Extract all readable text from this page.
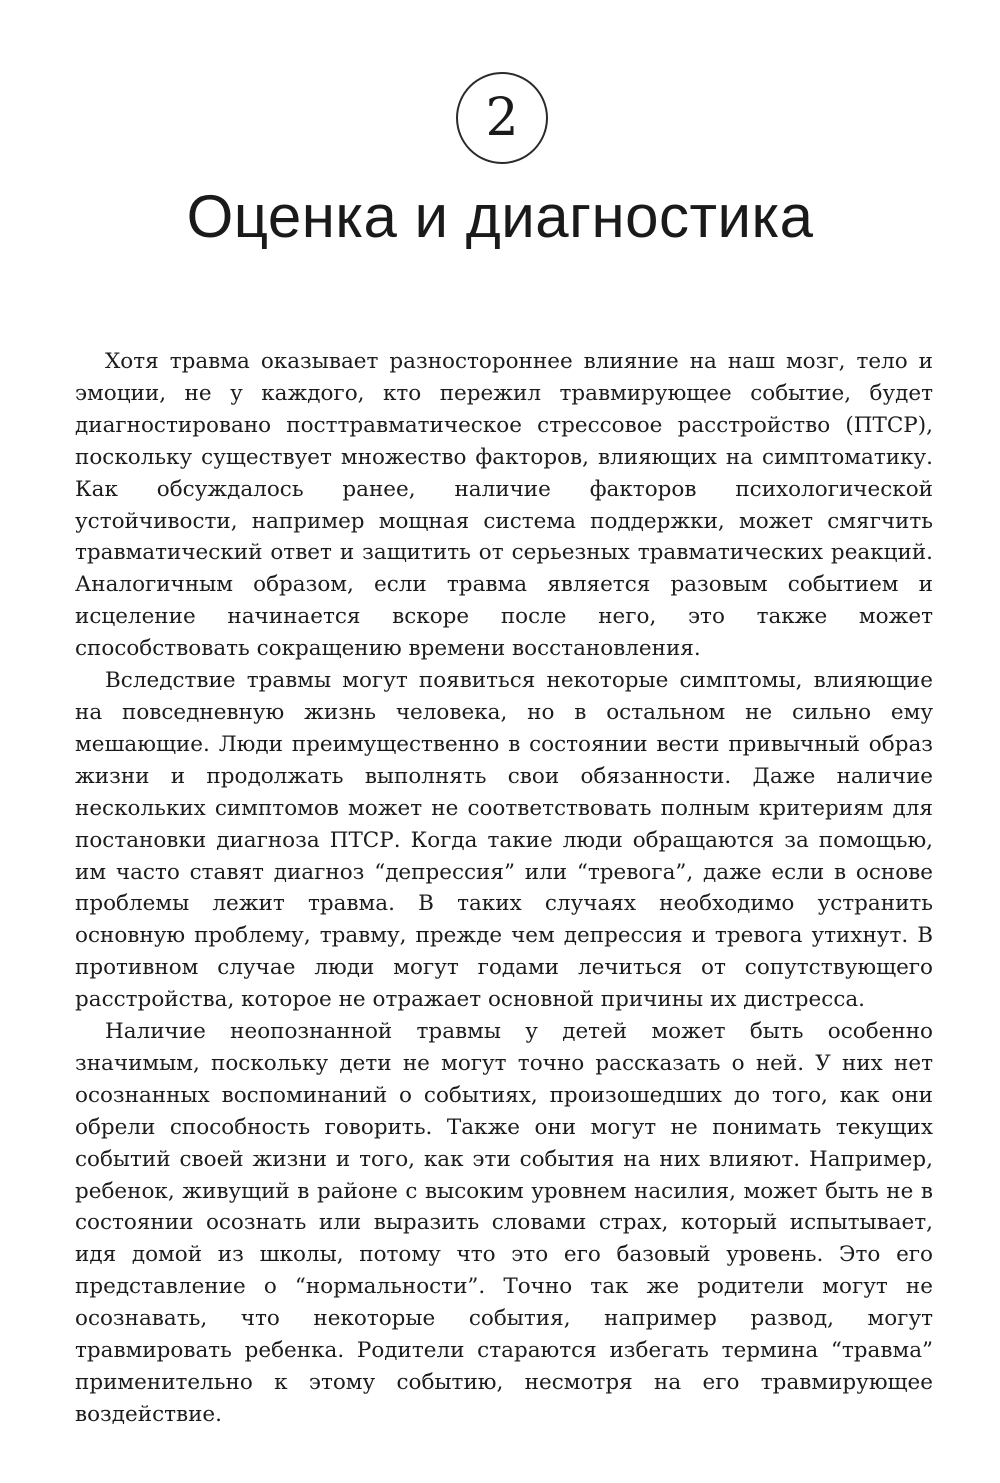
2
Оценка и диагностика

Хотя травма оказывает разностороннее влияние на наш мозг, тело и эмоции, не у каждого, кто пережил травмирующее событие, будет диагностировано посттравматическое стрессовое расстройство (ПТСР), поскольку существует множество факторов, влияющих на симптоматику. Как обсуждалось ранее, наличие факторов психологической устойчивости, например мощная система поддержки, может смягчить травматический ответ и защитить от серьезных травматических реакций. Аналогичным образом, если травма является разовым событием и исцеление начинается вскоре после него, это также может способствовать сокращению времени восстановления.

Вследствие травмы могут появиться некоторые симптомы, влияющие на повседневную жизнь человека, но в остальном не сильно ему мешающие. Люди преимущественно в состоянии вести привычный образ жизни и продолжать выполнять свои обязанности. Даже наличие нескольких симптомов может не соответствовать полным критериям для постановки диагноза ПТСР. Когда такие люди обращаются за помощью, им часто ставят диагноз “депрессия” или “тревога”, даже если в основе проблемы лежит травма. В таких случаях необходимо устранить основную проблему, травму, прежде чем депрессия и тревога утихнут. В противном случае люди могут годами лечиться от сопутствующего расстройства, которое не отражает основной причины их дистресса.

Наличие неопознанной травмы у детей может быть особенно значимым, поскольку дети не могут точно рассказать о ней. У них нет осознанных воспоминаний о событиях, произошедших до того, как они обрели способность говорить. Также они могут не понимать текущих событий своей жизни и того, как эти события на них влияют. Например, ребенок, живущий в районе с высоким уровнем насилия, может быть не в состоянии осознать или выразить словами страх, который испытывает, идя домой из школы, потому что это его базовый уровень. Это его представление о “нормальности”. Точно так же родители могут не осознавать, что некоторые события, например развод, могут травмировать ребенка. Родители стараются избегать термина “травма” применительно к этому событию, несмотря на его травмирующее воздействие.
